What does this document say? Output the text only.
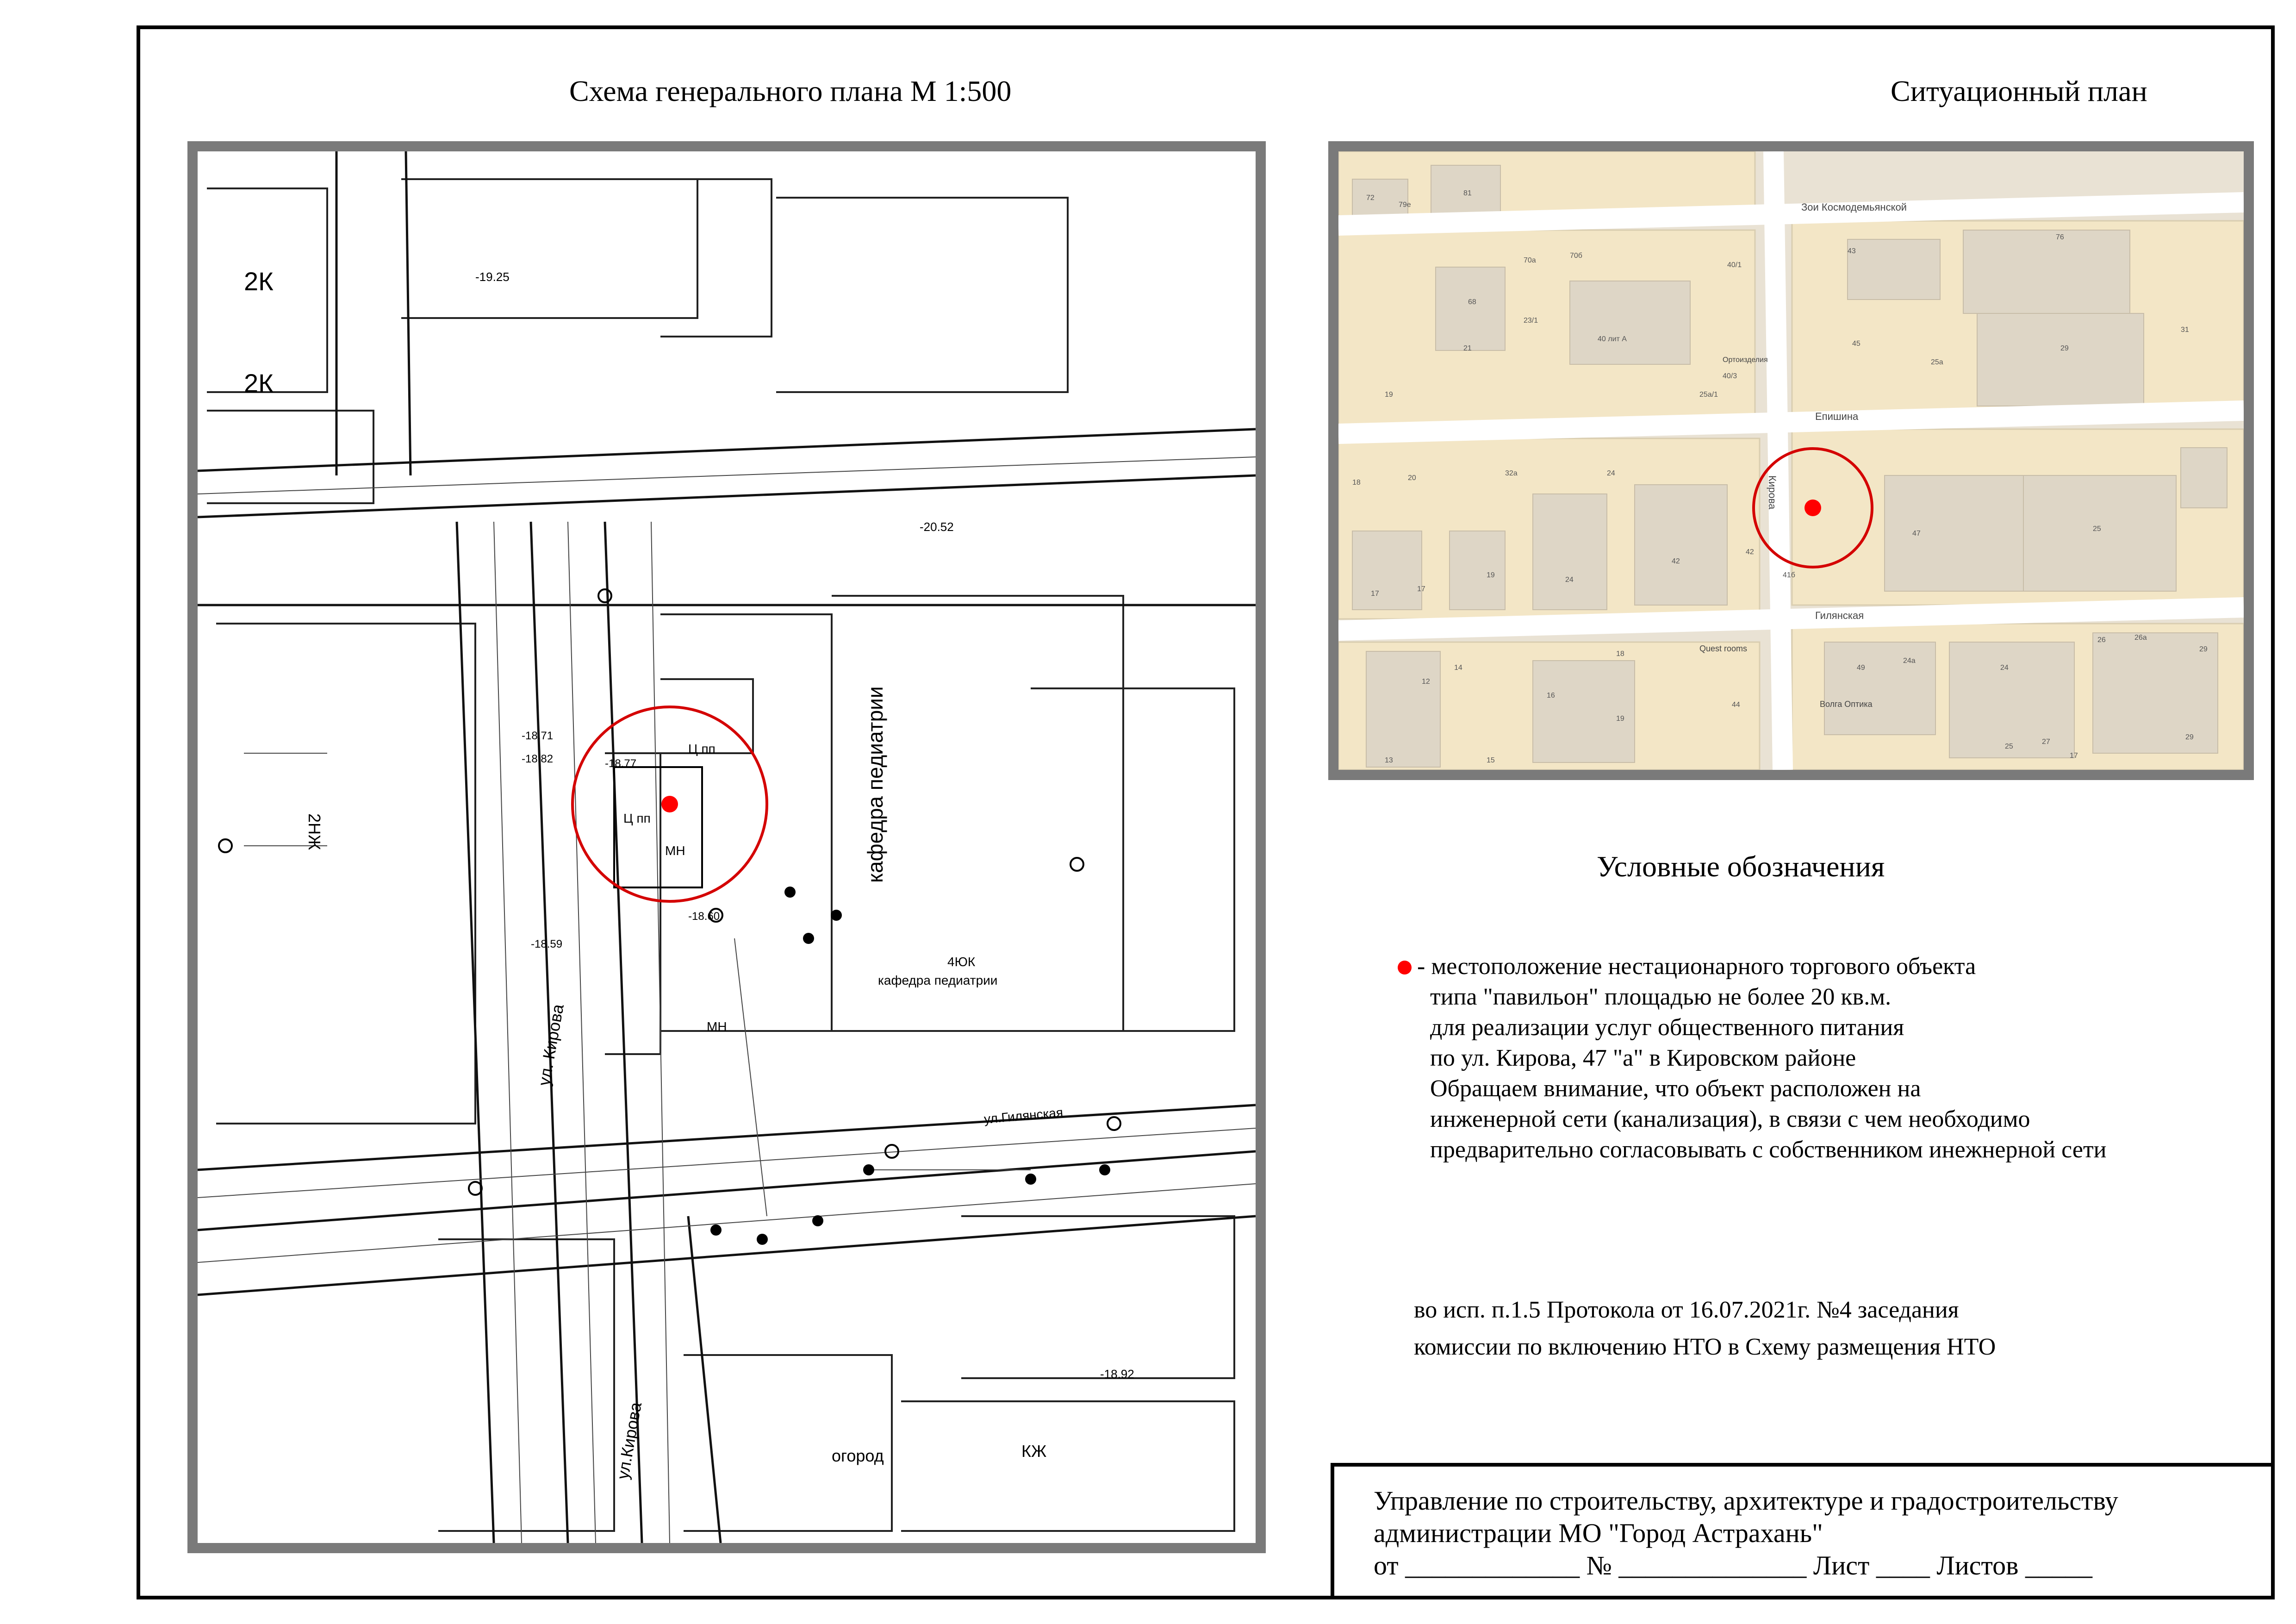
Схема генерального плана М 1:500	Ситуационный план
кафедра педиатрии
кафедра педиатрии
4ЮК
ул. Кирова
ул.Кирова
ул.Гилянская
Ц пп
Ц пп
МН
МН
2НЖ
2К
2К
КЖ
огород
-18.77
-18.71
-18.82
-18.60
-18.92
-19.25
-18.59
-20.52
Зои Космодемьянской
Епишина
Гилянская
Кирова
Ортоизделия
Quest rooms
Волга Оптика
72
79е
81
43
76
70а
70б
40/1
68
23/1
40 лит А
45
31
21
40/3
25а
29
19	25а/1
18
20
32а	24
47
25
42
17
17
19
24
42
41б
26	26а
29
49
24а
24
18
12
14
16
44
13
19
25
27
29
15
17
Условные обозначения
- местоположение нестационарного торгового объекта
типа "павильон" площадью не более 20 кв.м.
для реализации услуг общественного питания
по ул. Кирова, 47 "а" в Кировском районе
Обращаем внимание, что объект расположен на
инженерной сети (канализация), в связи с чем необходимо
предварительно согласовывать с собственником инежнерной сети
во исп. п.1.5 Протокола от 16.07.2021г. №4 заседания
комиссии по включению НТО в Схему размещения НТО
Управление по строительству, архитектуре и градостроительству
администрации МО "Город Астрахань"
от _____________ № ______________ Лист ____ Листов _____
